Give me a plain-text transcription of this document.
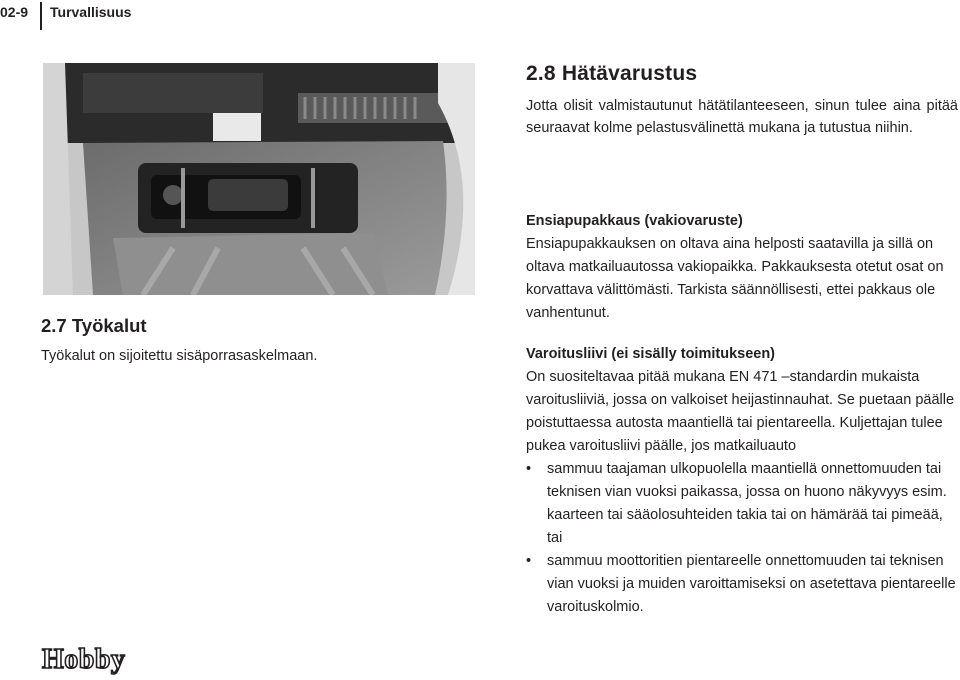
02-9 Turvallisuus
2.7 Työkalut
Työkalut on sijoitettu sisäporrasaskelmaan.
2.8 Hätävarustus
Jotta olisit valmistautunut hätätilanteeseen, sinun tulee aina pitää seuraavat kolme pelastusvälinettä mukana ja tutustua niihin.
Ensiapupakkaus (vakiovaruste)
Ensiapupakkauksen on oltava aina helposti saatavilla ja sillä on oltava matkailuautossa vakiopaikka. Pakkauksesta otetut osat on korvattava välittömästi. Tarkista säännöllisesti, ettei pakkaus ole vanhentunut.
Varoitusliivi (ei sisälly toimitukseen)
On suositeltavaa pitää mukana EN 471 –standardin mukaista varoitusliiviä, jossa on valkoiset heijastinnauhat. Se puetaan päälle poistuttaessa autosta maantiellä tai pientareella. Kuljettajan tulee pukea varoitusliivi päälle, jos matkailuauto
• sammuu taajaman ulkopuolella maantiellä onnettomuuden tai teknisen vian vuoksi paikassa, jossa on huono näkyvyys esim. kaarteen tai sääolosuhteiden takia tai on hämärää tai pimeää, tai
• sammuu moottoritien pientareelle onnettomuuden tai teknisen vian vuoksi ja muiden varoittamiseksi on asetettava pientareelle varoituskolmio.
Hobby
